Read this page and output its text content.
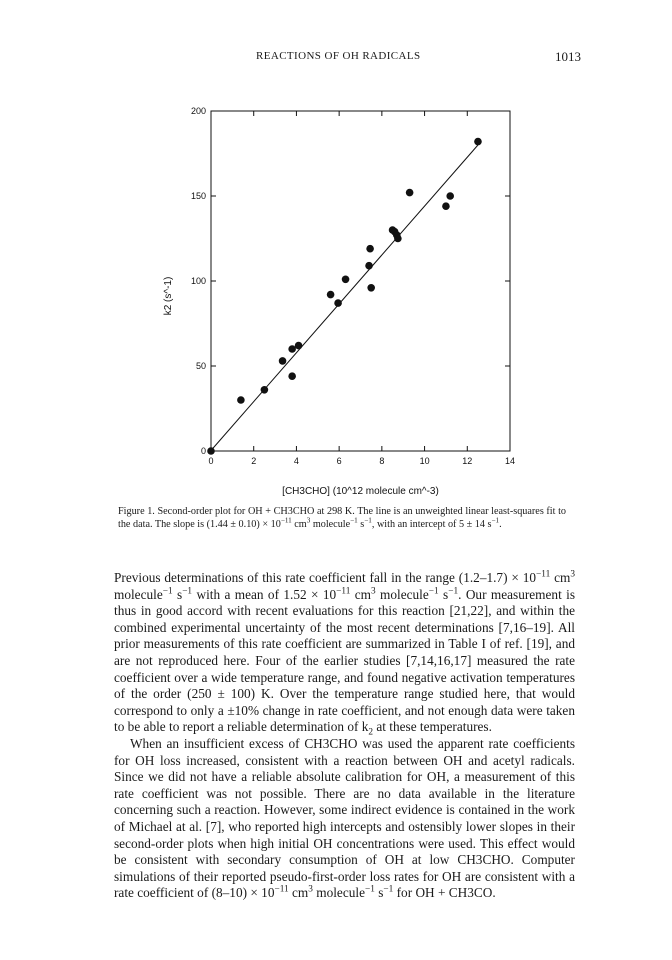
REACTIONS OF OH RADICALS	1013
0	2	4	6	8	10	12	14
0
50
100
150
200
[CH3CHO] (10^12 molecule cm^-3)
k2 (s^-1)
Figure 1. Second-order plot for OH + CH3CHO at 298 K. The line is an unweighted linear least-squares fit to the data. The slope is $(1.44 \pm 0.10) \times 10^{-11}$ $cm^3$ molecule$^{-1}$ $s^{-1}$, with an intercept of 5 ± 14 $s^{-1}$.

Previous determinations of this rate coefficient fall in the range $(1.2-1.7) \times 10^{-11}$ $cm^3$ molecule$^{-1}$ $s^{-1}$ with a mean of $1.52 \times 10^{-11}$ $cm^3$ molecule$^{-1}$ $s^{-1}$. Our measurement is thus in good accord with recent evaluations for this reaction [21,22], and within the combined experimental uncertainty of the most recent determinations [7,16–19]. All prior measurements of this rate coefficient are summarized in Table I of ref. [19], and are not reproduced here. Four of the earlier studies [7,14,16,17] measured the rate coefficient over a wide temperature range, and found negative activation temperatures of the order (250 ± 100) K. Over the temperature range studied here, that would correspond to only a ±10% change in rate coefficient, and not enough data were taken to be able to report a reliable determination of $k_2$ at these temperatures.

When an insufficient excess of CH3CHO was used the apparent rate coefficients for OH loss increased, consistent with a reaction between OH and acetyl radicals. Since we did not have a reliable absolute calibration for OH, a measurement of this rate coefficient was not possible. There are no data available in the literature concerning such a reaction. However, some indirect evidence is contained in the work of Michael at al. [7], who reported high intercepts and ostensibly lower slopes in their second-order plots when high initial OH concentrations were used. This effect would be consistent with secondary consumption of OH at low CH3CHO. Computer simulations of their reported pseudo-first-order loss rates for OH are consistent with a rate coefficient of $(8-10) \times 10^{-11}$ $cm^3$ molecule$^{-1}$ $s^{-1}$ for OH + CH3CO.
